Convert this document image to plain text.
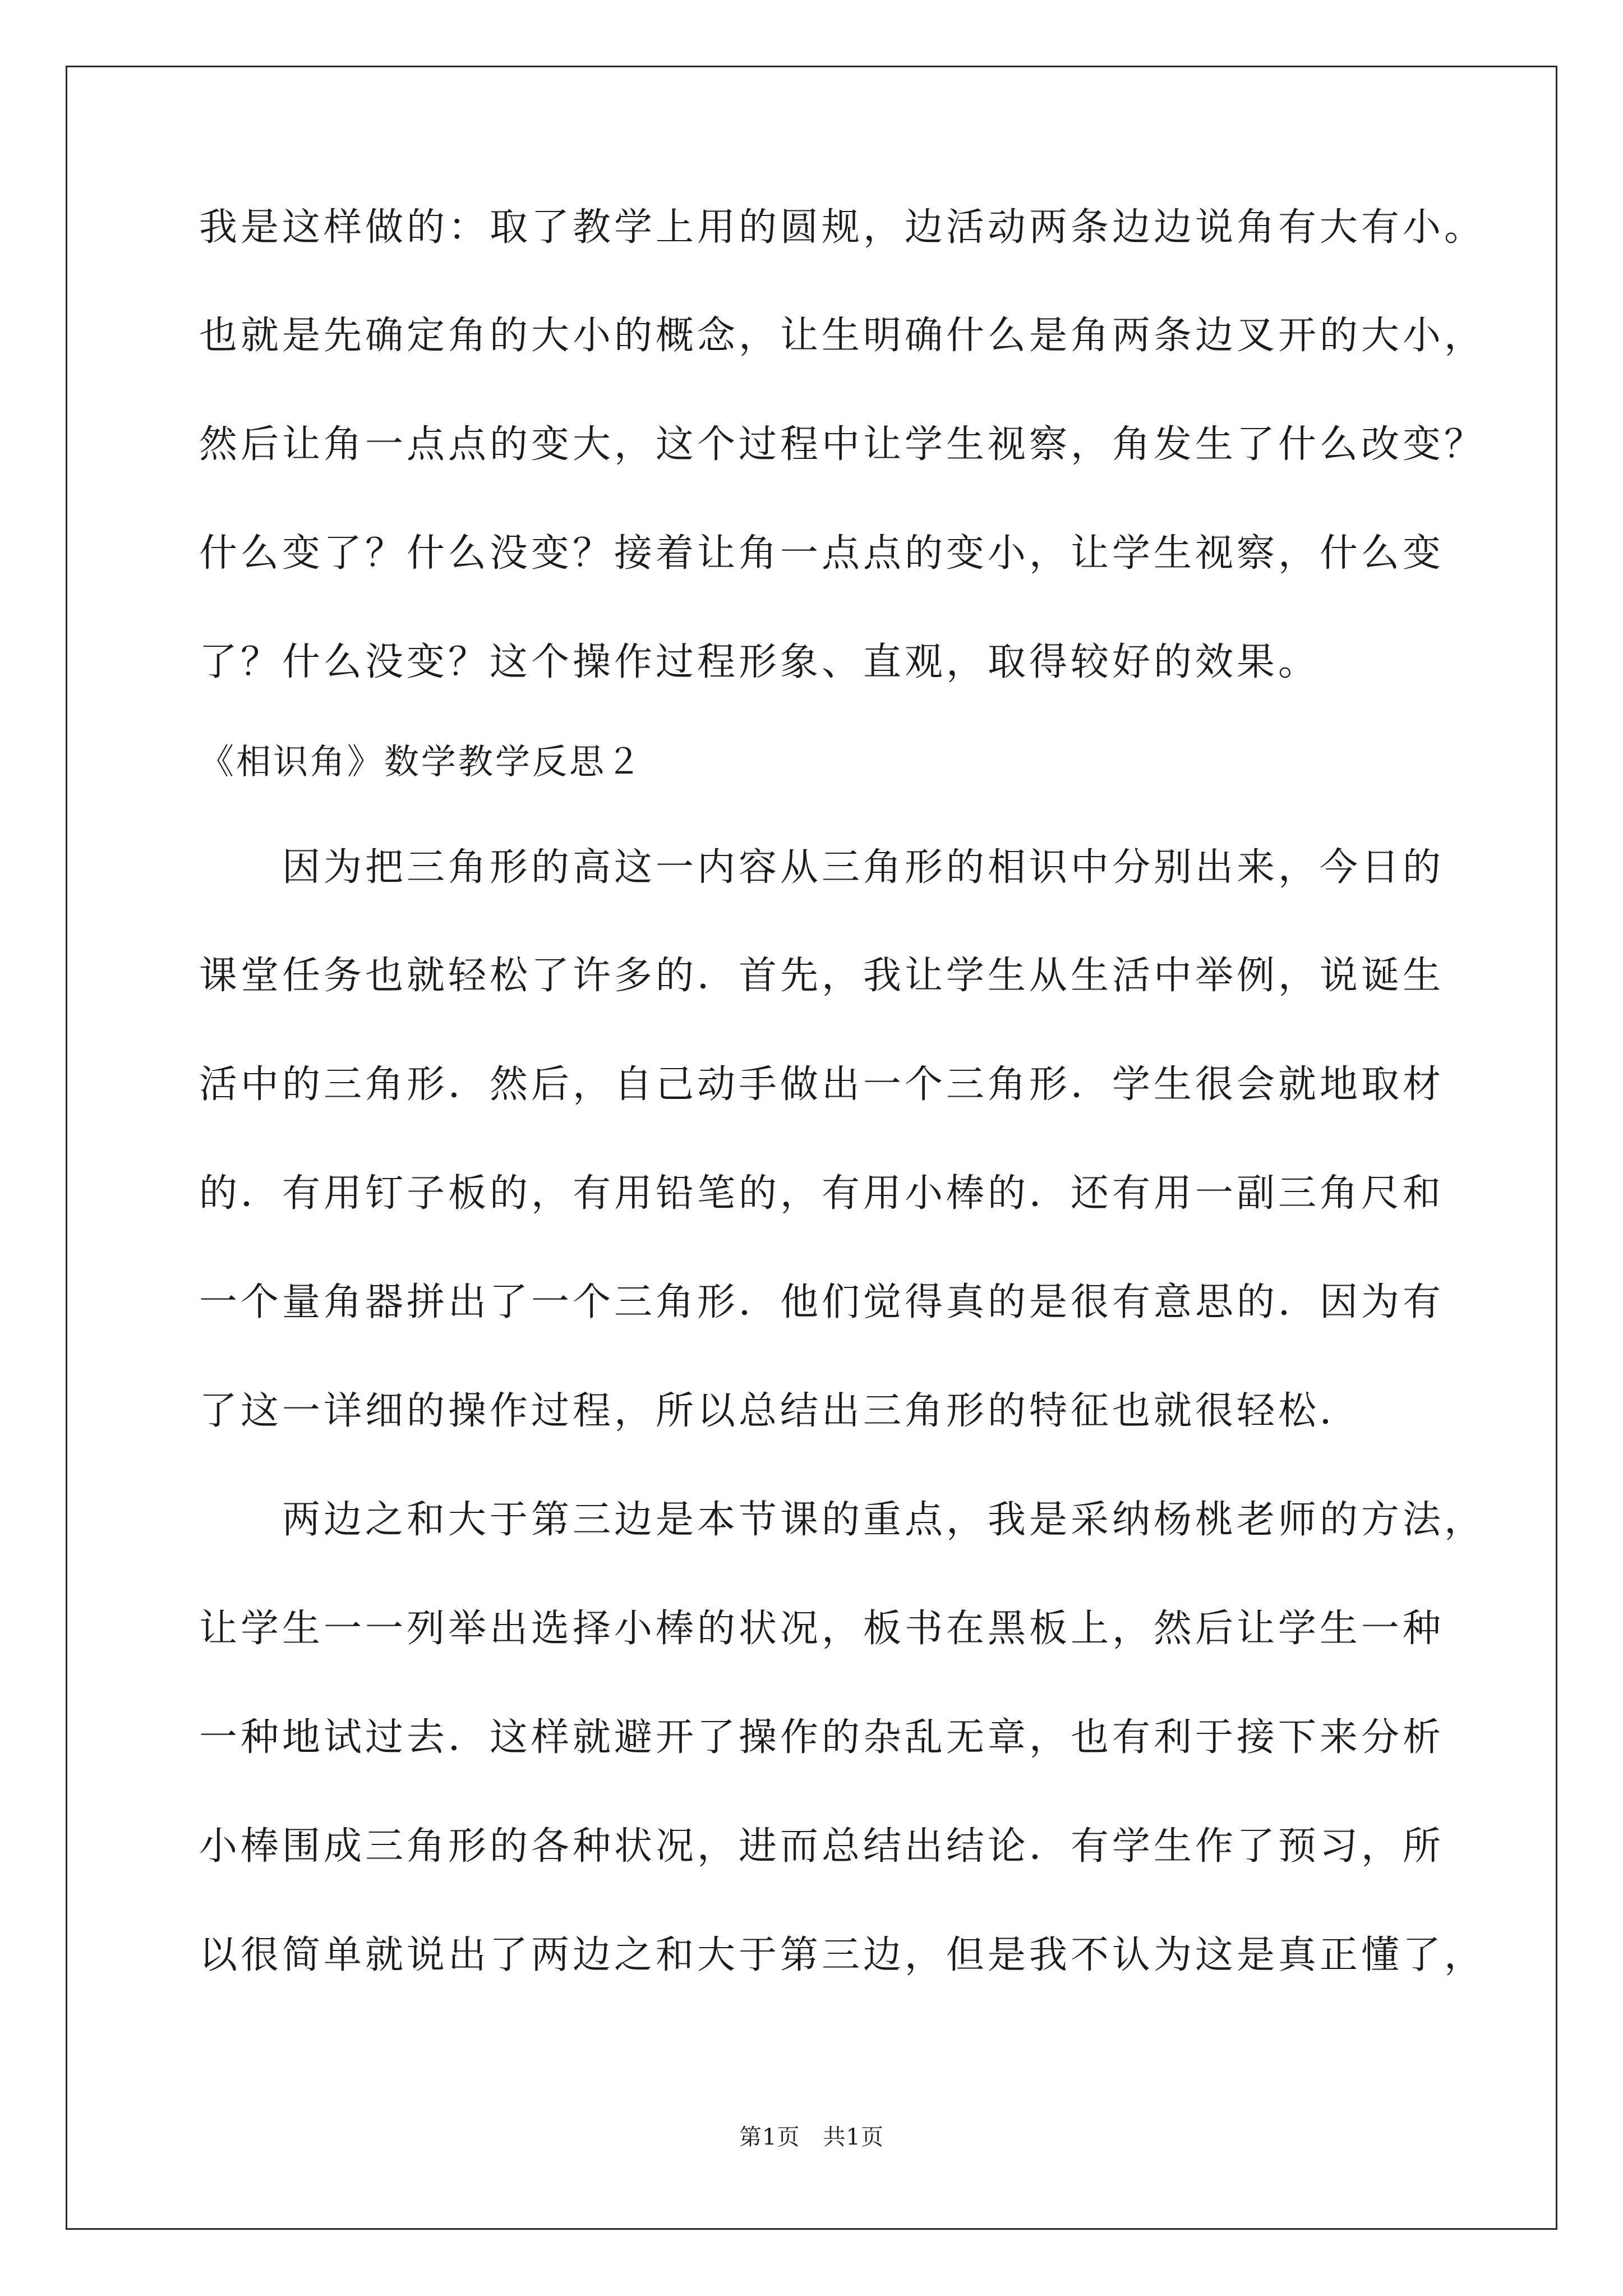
我是这样做的：取了教学上用的圆规，边活动两条边边说角有大有小。
也就是先确定角的大小的概念，让生明确什么是角两条边叉开的大小，
然后让角一点点的变大，这个过程中让学生视察，角发生了什么改变？
什么变了？什么没变？接着让角一点点的变小，让学生视察，什么变
了？什么没变？这个操作过程形象、直观，取得较好的效果。
《相识角》数学教学反思２
　　因为把三角形的高这一内容从三角形的相识中分别出来，今日的
课堂任务也就轻松了许多的．首先，我让学生从生活中举例，说诞生
活中的三角形．然后，自己动手做出一个三角形．学生很会就地取材
的．有用钉子板的，有用铅笔的，有用小棒的．还有用一副三角尺和
一个量角器拼出了一个三角形．他们觉得真的是很有意思的．因为有
了这一详细的操作过程，所以总结出三角形的特征也就很轻松．
　　两边之和大于第三边是本节课的重点，我是采纳杨桃老师的方法，
让学生一一列举出选择小棒的状况，板书在黑板上，然后让学生一种
一种地试过去．这样就避开了操作的杂乱无章，也有利于接下来分析
小棒围成三角形的各种状况，进而总结出结论．有学生作了预习，所
以很简单就说出了两边之和大于第三边，但是我不认为这是真正懂了，
第1页　共1页
